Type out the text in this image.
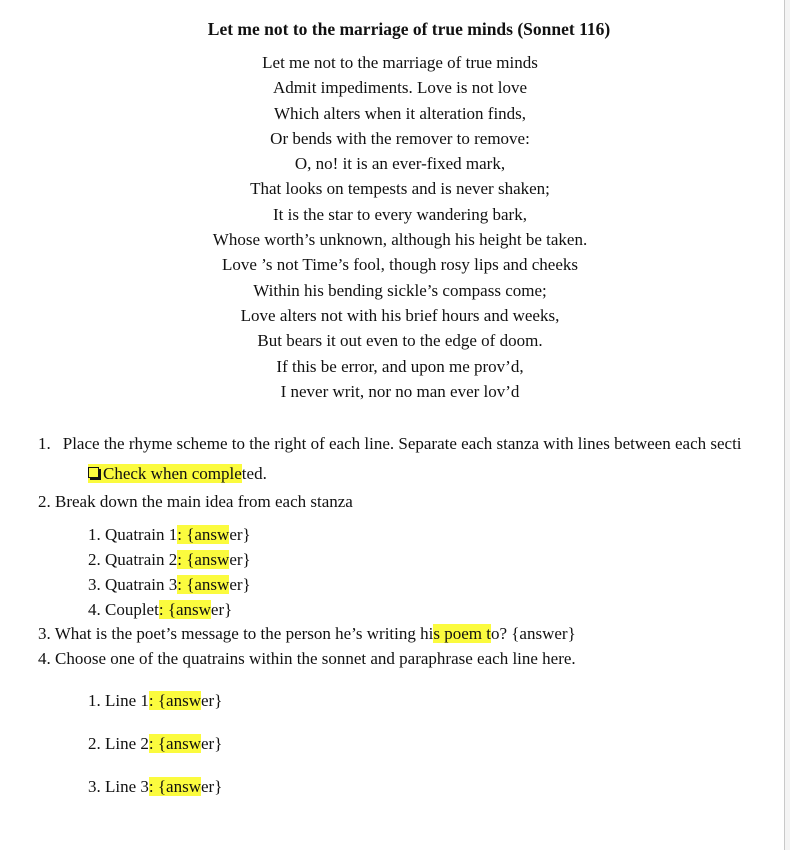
Let me not to the marriage of true minds (Sonnet 116)
Let me not to the marriage of true minds
Admit impediments. Love is not love
Which alters when it alteration finds,
Or bends with the remover to remove:
O, no! it is an ever-fixed mark,
That looks on tempests and is never shaken;
It is the star to every wandering bark,
Whose worth’s unknown, although his height be taken.
Love ’s not Time’s fool, though rosy lips and cheeks
Within his bending sickle’s compass come;
Love alters not with his brief hours and weeks,
But bears it out even to the edge of doom.
If this be error, and upon me prov’d,
I never writ, nor no man ever lov’d
1. Place the rhyme scheme to the right of each line. Separate each stanza with lines between each secti
Check when completed.
2. Break down the main idea from each stanza
1. Quatrain 1: {answer}
2. Quatrain 2: {answer}
3. Quatrain 3: {answer}
4. Couplet: {answer}
3. What is the poet’s message to the person he’s writing his poem to? {answer}
4. Choose one of the quatrains within the sonnet and paraphrase each line here.
1. Line 1: {answer}
2. Line 2: {answer}
3. Line 3: {answer}
